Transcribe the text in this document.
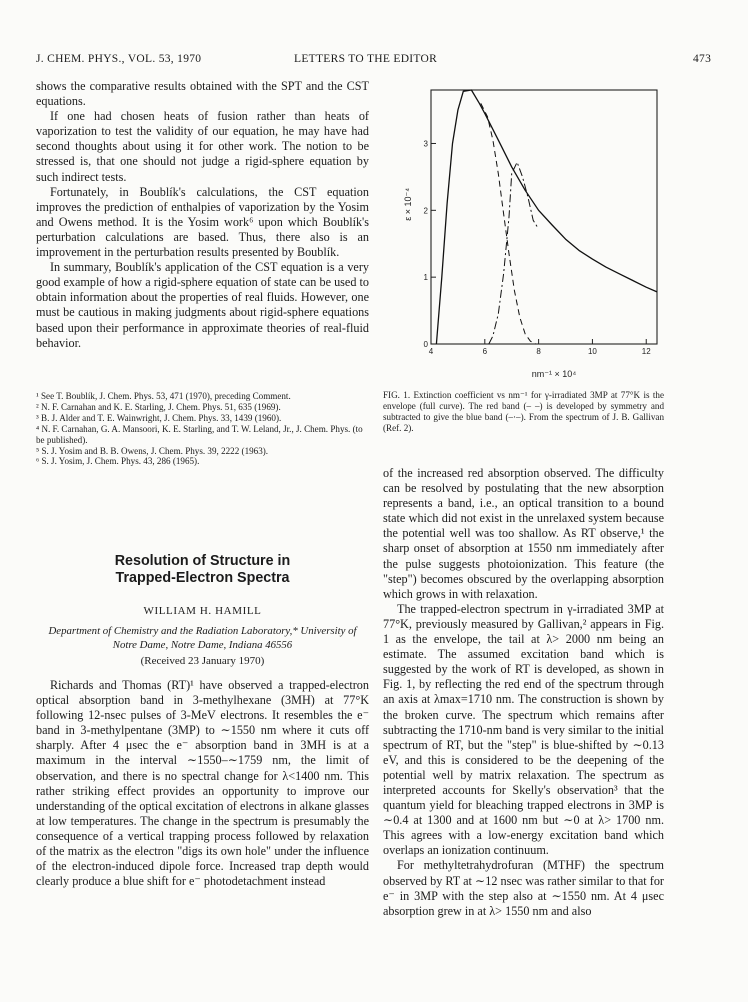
J. CHEM. PHYS., VOL. 53, 1970	LETTERS TO THE EDITOR	473

shows the comparative results obtained with the SPT and the CST equations.

If one had chosen heats of fusion rather than heats of vaporization to test the validity of our equation, he may have had second thoughts about using it for other work. The notion to be stressed is, that one should not judge a rigid-sphere equation by such indirect tests.

Fortunately, in Boublík's calculations, the CST equation improves the prediction of enthalpies of vaporization by the Yosim and Owens method. It is the Yosim work⁶ upon which Boublík's perturbation calculations are based. Thus, there also is an improvement in the perturbation results presented by Boublík.

In summary, Boublík's application of the CST equation is a very good example of how a rigid-sphere equation of state can be used to obtain information about the properties of real fluids. However, one must be cautious in making judgments about rigid-sphere equations based upon their performance in approximate theories of real-fluid behavior.

¹ See T. Boublík, J. Chem. Phys. 53, 471 (1970), preceding Comment.
² N. F. Carnahan and K. E. Starling, J. Chem. Phys. 51, 635 (1969).
³ B. J. Alder and T. E. Wainwright, J. Chem. Phys. 33, 1439 (1960).
⁴ N. F. Carnahan, G. A. Mansoori, K. E. Starling, and T. W. Leland, Jr., J. Chem. Phys. (to be published).
⁵ S. J. Yosim and B. B. Owens, J. Chem. Phys. 39, 2222 (1963).
⁶ S. J. Yosim, J. Chem. Phys. 43, 286 (1965).

Resolution of Structure in Trapped-Electron Spectra

WILLIAM H. HAMILL
Department of Chemistry and the Radiation Laboratory,* University of Notre Dame, Notre Dame, Indiana 46556
(Received 23 January 1970)

Richards and Thomas (RT)¹ have observed a trapped-electron optical absorption band in 3-methylhexane (3MH) at 77°K following 12-nsec pulses of 3-MeV electrons. It resembles the e⁻ band in 3-methylpentane (3MP) to ∼1550 nm where it cuts off sharply. After 4 μsec the e⁻ absorption band in 3MH is at a maximum in the interval ∼1550–∼1759 nm, the limit of observation, and there is no spectral change for λ<1400 nm. This rather striking effect provides an opportunity to improve our understanding of the optical excitation of electrons in alkane glasses at low temperatures. The change in the spectrum is presumably the consequence of a vertical trapping process followed by relaxation of the matrix as the electron "digs its own hole" under the influence of the electron-induced dipole force. Increased trap depth would clearly produce a blue shift for e⁻ photodetachment instead

4	6	8	10	12
0
1
2
3
nm⁻¹ × 10⁴
ε × 10⁻⁴
FIG. 1. Extinction coefficient vs nm⁻¹ for γ-irradiated 3MP at 77°K is the envelope (full curve). The red band (– –) is developed by symmetry and subtracted to give the blue band (–·–). From the spectrum of J. B. Gallivan (Ref. 2).

of the increased red absorption observed. The difficulty can be resolved by postulating that the new absorption represents a band, i.e., an optical transition to a bound state which did not exist in the unrelaxed system because the potential well was too shallow. As RT observe,¹ the sharp onset of absorption at 1550 nm immediately after the pulse suggests photoionization. This feature (the "step") becomes obscured by the overlapping absorption which grows in with relaxation.

The trapped-electron spectrum in γ-irradiated 3MP at 77°K, previously measured by Gallivan,² appears in Fig. 1 as the envelope, the tail at λ> 2000 nm being an estimate. The assumed excitation band which is suggested by the work of RT is developed, as shown in Fig. 1, by reflecting the red end of the spectrum through an axis at λmax=1710 nm. The construction is shown by the broken curve. The spectrum which remains after subtracting the 1710-nm band is very similar to the initial spectrum of RT, but the "step" is blue-shifted by ∼0.13 eV, and this is considered to be the deepening of the potential well by matrix relaxation. The spectrum as interpreted accounts for Skelly's observation³ that the quantum yield for bleaching trapped electrons in 3MP is ∼0.4 at 1300 and at 1600 nm but ∼0 at λ> 1700 nm. This agrees with a low-energy excitation band which overlaps an ionization continuum.

For methyltetrahydrofuran (MTHF) the spectrum observed by RT at ∼12 nsec was rather similar to that for e⁻ in 3MP with the step also at ∼1550 nm. At 4 μsec absorption grew in at λ> 1550 nm and also
